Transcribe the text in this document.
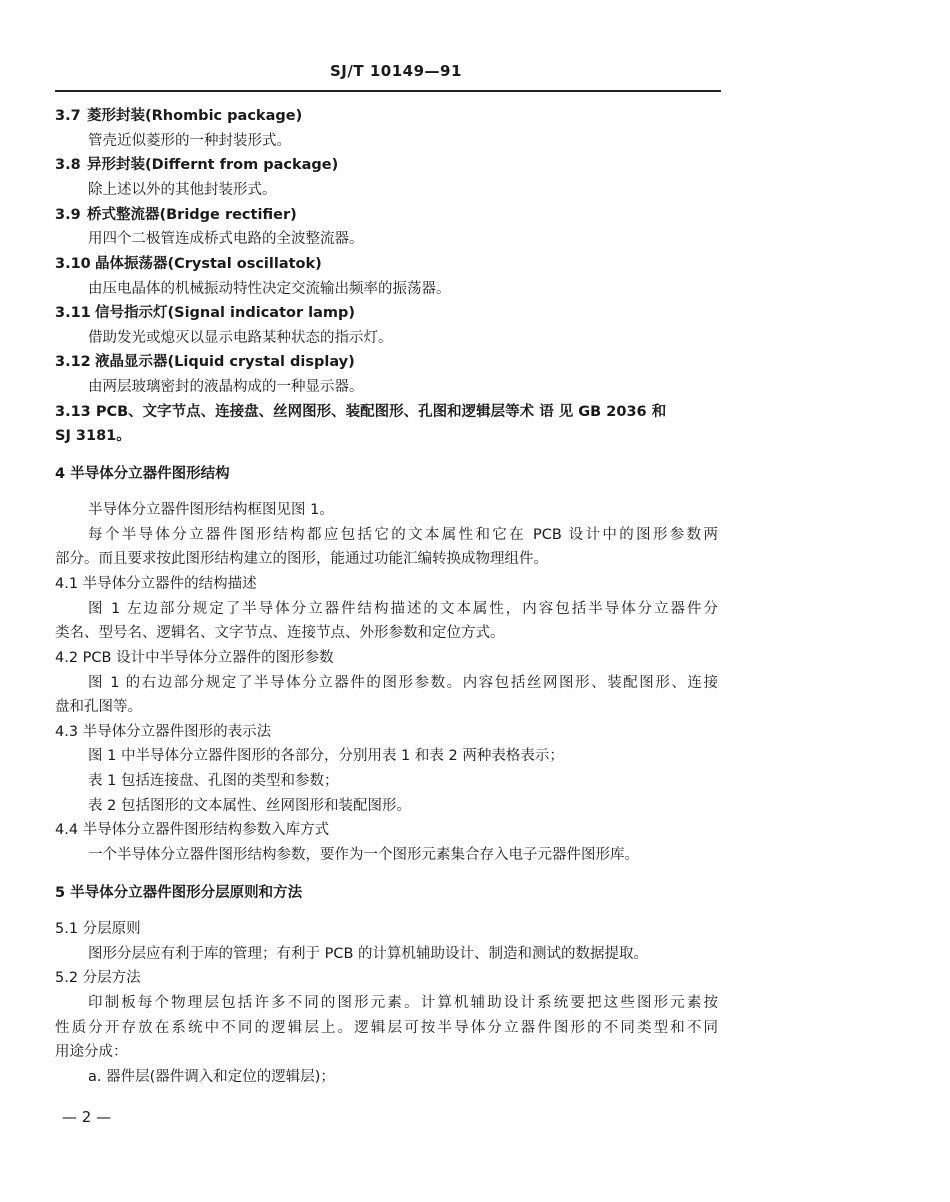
SJ/T 10149—91
3.7 菱形封装(Rhombic package)
管壳近似菱形的一种封装形式。
3.8 异形封装(Differnt from package)
除上述以外的其他封装形式。
3.9 桥式整流器(Bridge rectifier)
用四个二极管连成桥式电路的全波整流器。
3.10 晶体振荡器(Crystal oscillatok)
由压电晶体的机械振动特性决定交流输出频率的振荡器。
3.11 信号指示灯(Signal indicator lamp)
借助发光或熄灭以显示电路某种状态的指示灯。
3.12 液晶显示器(Liquid crystal display)
由两层玻璃密封的液晶构成的一种显示器。
3.13 PCB、文字节点、连接盘、丝网图形、装配图形、孔图和逻辑层等术 语 见 GB 2036 和
SJ 3181。
4 半导体分立器件图形结构
半导体分立器件图形结构框图见图 1。
每个半导体分立器件图形结构都应包括它的文本属性和它在 PCB 设计中的图形参数两
部分。而且要求按此图形结构建立的图形，能通过功能汇编转换成物理组件。
4.1 半导体分立器件的结构描述
图 1 左边部分规定了半导体分立器件结构描述的文本属性，内容包括半导体分立器件分
类名、型号名、逻辑名、文字节点、连接节点、外形参数和定位方式。
4.2 PCB 设计中半导体分立器件的图形参数
图 1 的右边部分规定了半导体分立器件的图形参数。内容包括丝网图形、装配图形、连接
盘和孔图等。
4.3 半导体分立器件图形的表示法
图 1 中半导体分立器件图形的各部分，分别用表 1 和表 2 两种表格表示；
表 1 包括连接盘、孔图的类型和参数；
表 2 包括图形的文本属性、丝网图形和装配图形。
4.4 半导体分立器件图形结构参数入库方式
一个半导体分立器件图形结构参数，要作为一个图形元素集合存入电子元器件图形库。
5 半导体分立器件图形分层原则和方法
5.1 分层原则
图形分层应有利于库的管理；有利于 PCB 的计算机辅助设计、制造和测试的数据提取。
5.2 分层方法
印制板每个物理层包括许多不同的图形元素。计算机辅助设计系统要把这些图形元素按
性质分开存放在系统中不同的逻辑层上。逻辑层可按半导体分立器件图形的不同类型和不同
用途分成：
a. 器件层(器件调入和定位的逻辑层)；
— 2 —
